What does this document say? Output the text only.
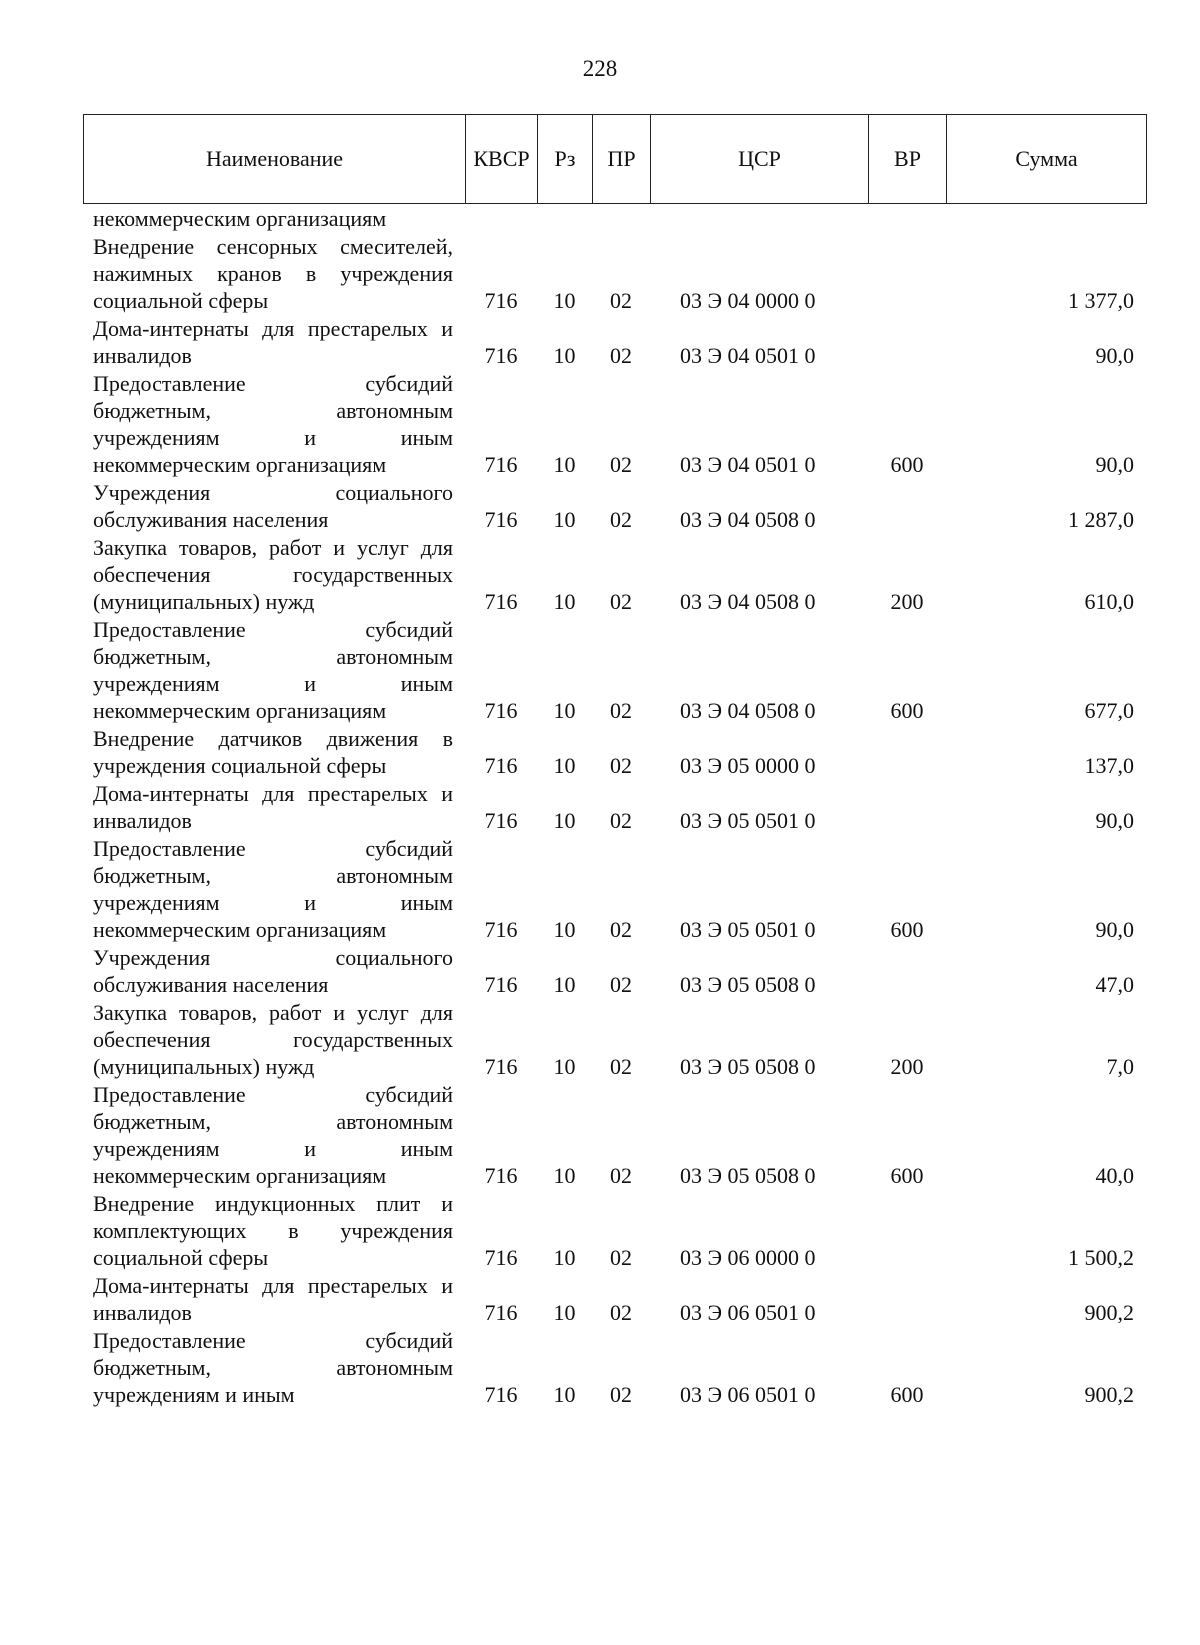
228
Наименование	КВСР	Рз	ПР	ЦСР	ВР	Сумма
некоммерческим организациям						
Внедрение сенсорных смесителей, нажимных кранов в учреждения социальной сферы	716	10	02	03 Э 04 0000 0		1 377,0
Дома-интернаты для престарелых и инвалидов	716	10	02	03 Э 04 0501 0		90,0
Предоставление субсидий бюджетным, автономным учреждениям и иным некоммерческим организациям	716	10	02	03 Э 04 0501 0	600	90,0
Учреждения социального обслуживания населения	716	10	02	03 Э 04 0508 0		1 287,0
Закупка товаров, работ и услуг для обеспечения государственных (муниципальных) нужд	716	10	02	03 Э 04 0508 0	200	610,0
Предоставление субсидий бюджетным, автономным учреждениям и иным некоммерческим организациям	716	10	02	03 Э 04 0508 0	600	677,0
Внедрение датчиков движения в учреждения социальной сферы	716	10	02	03 Э 05 0000 0		137,0
Дома-интернаты для престарелых и инвалидов	716	10	02	03 Э 05 0501 0		90,0
Предоставление субсидий бюджетным, автономным учреждениям и иным некоммерческим организациям	716	10	02	03 Э 05 0501 0	600	90,0
Учреждения социального обслуживания населения	716	10	02	03 Э 05 0508 0		47,0
Закупка товаров, работ и услуг для обеспечения государственных (муниципальных) нужд	716	10	02	03 Э 05 0508 0	200	7,0
Предоставление субсидий бюджетным, автономным учреждениям и иным некоммерческим организациям	716	10	02	03 Э 05 0508 0	600	40,0
Внедрение индукционных плит и комплектующих в учреждения социальной сферы	716	10	02	03 Э 06 0000 0		1 500,2
Дома-интернаты для престарелых и инвалидов	716	10	02	03 Э 06 0501 0		900,2
Предоставление субсидий бюджетным, автономным учреждениям и иным	716	10	02	03 Э 06 0501 0	600	900,2
